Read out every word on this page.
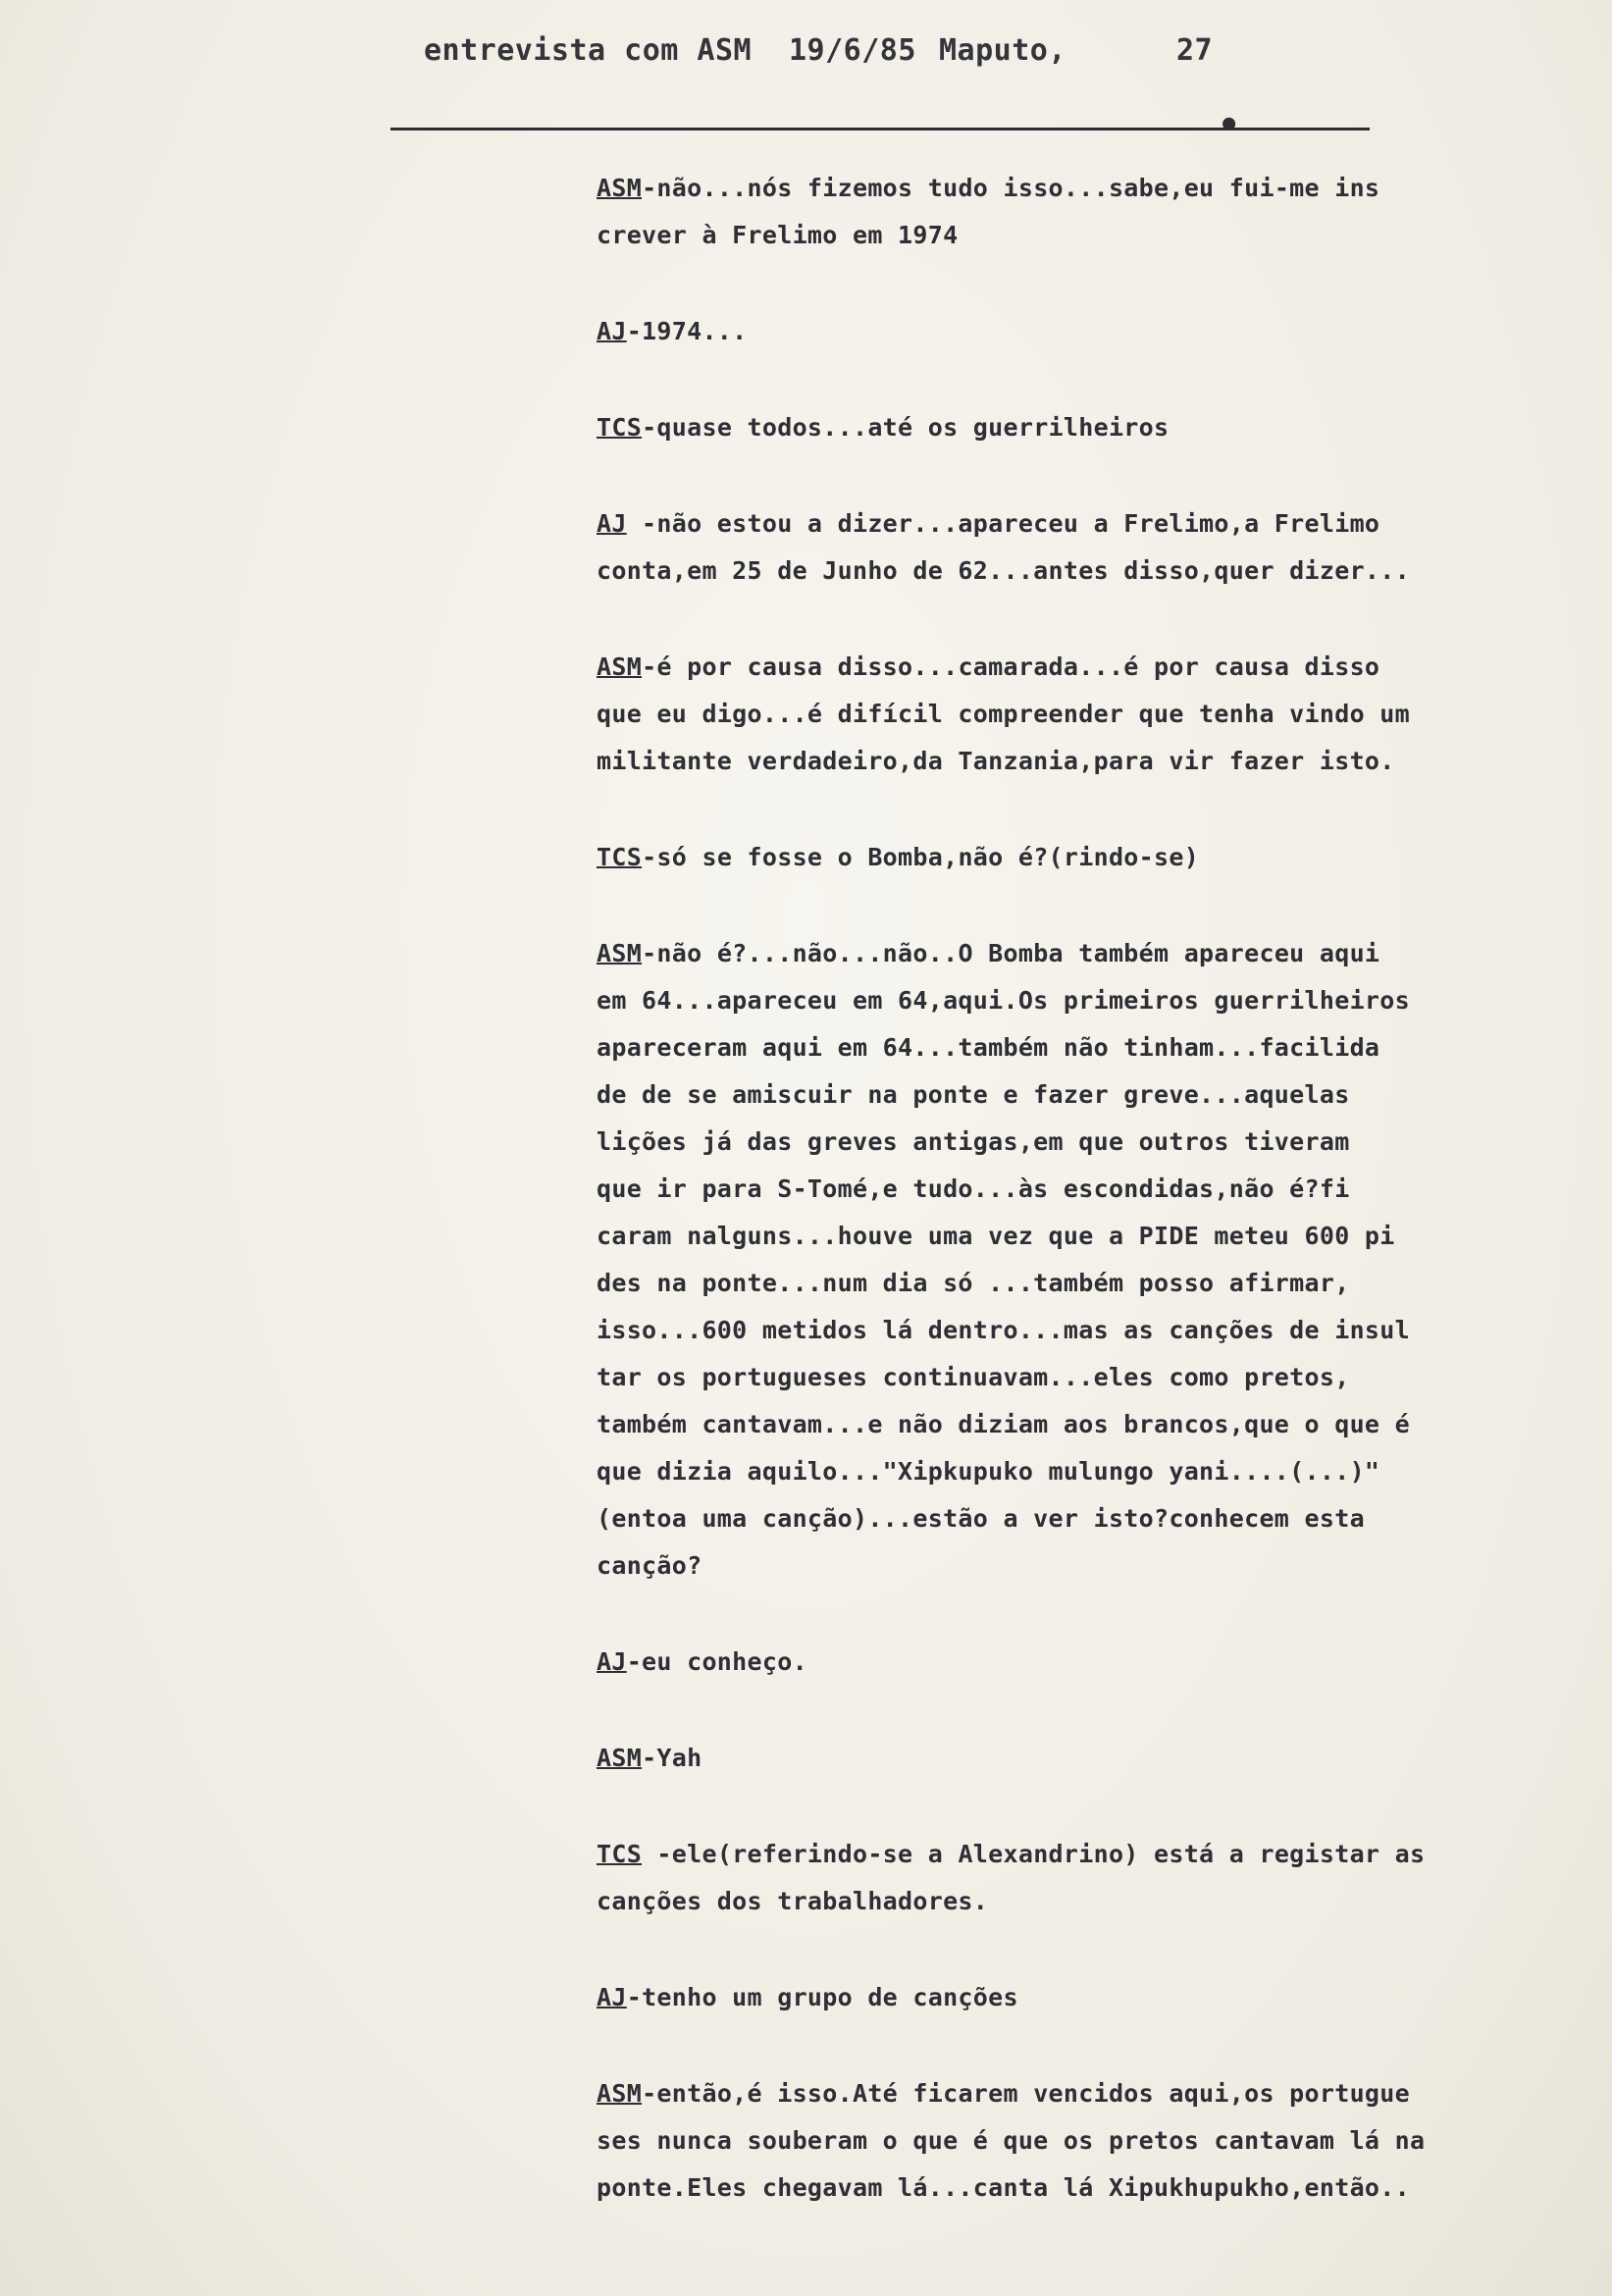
entrevista com ASM

19/6/85

Maputo,

	27

●
ASM-não...nós fizemos tudo isso...sabe,eu fui-me ins
crever à Frelimo em 1974
AJ-1974...
TCS-quase todos...até os guerrilheiros
AJ -não estou a dizer...apareceu a Frelimo,a Frelimo
conta,em 25 de Junho de 62...antes disso,quer dizer...
ASM-é por causa disso...camarada...é por causa disso
que eu digo...é difícil compreender que tenha vindo um
militante verdadeiro,da Tanzania,para vir fazer isto.
TCS-só se fosse o Bomba,não é?(rindo-se)
ASM-não é?...não...não..O Bomba também apareceu aqui
em 64...apareceu em 64,aqui.Os primeiros guerrilheiros
apareceram aqui em 64...também não tinham...facilida
de de se amiscuir na ponte e fazer greve...aquelas
lições já das greves antigas,em que outros tiveram
que ir para S-Tomé,e tudo...às escondidas,não é?fi
caram nalguns...houve uma vez que a PIDE meteu 600 pi
des na ponte...num dia só ...também posso afirmar,
isso...600 metidos lá dentro...mas as canções de insul
tar os portugueses continuavam...eles como pretos,
também cantavam...e não diziam aos brancos,que o que é
que dizia aquilo..."Xipkupuko mulungo yani....(...)"
(entoa uma canção)...estão a ver isto?conhecem esta
canção?
AJ-eu conheço.
ASM-Yah
TCS -ele(referindo-se a Alexandrino) está a registar as
canções dos trabalhadores.
AJ-tenho um grupo de canções
ASM-então,é isso.Até ficarem vencidos aqui,os portugue
ses nunca souberam o que é que os pretos cantavam lá na
ponte.Eles chegavam lá...canta lá Xipukhupukho,então..
